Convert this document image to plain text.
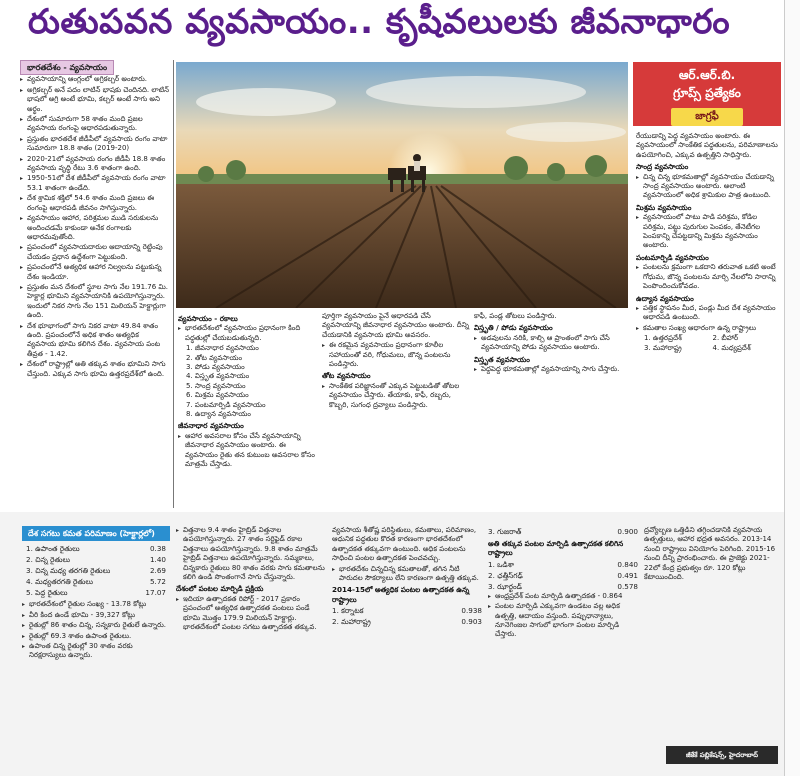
రుతుపవన వ్యవసాయం.. కృషీవలులకు జీవనాధారం
భారతదేశం - వ్యవసాయం

▸ వ్యవసాయాన్ని ఆంగ్లంలో అగ్రికల్చర్ అంటారు.

▸ అగ్రికల్చర్ అనే పదం లాటిన్ భాషకు చెందినది. లాటిన్ భాషలో అగ్రి అంటే భూమి, కల్చర్ అంటే సాగు అని అర్థం.

▸ దేశంలో సుమారుగా 58 శాతం మంది ప్రజల వ్యవసాయ రంగంపై ఆధారపడుతున్నారు.

▸ ప్రస్తుతం భారతదేశ జీడీపీలో వ్యవసాయ రంగం వాటా సుమారుగా 18.8 శాతం (2019-20)

▸ 2020-21లో వ్యవసాయ రంగం జీడీపీ 18.8 శాతం వ్యవసాయ వృద్ధి రేటు 3.6 శాతంగా ఉంది.

▸ 1950-51లో దేశ జీడీపీలో వ్యవసాయ రంగం వాటా 53.1 శాతంగా ఉండేది.

▸ దేశ శ్రామిక శక్తిలో 54.6 శాతం మంది ప్రజలు ఈ రంగంపై ఆధారపడి జీవనం సాగిస్తున్నారు.

▸ వ్యవసాయం ఆహార, పరిశ్రమల ముడి సరుకులను అందించడమే కాకుండా అనేక రంగాలకు ఆధారమవుతోంది.

▸ ప్రపంచంలో వ్యవసాయదారుల ఆదాయాన్ని రెట్టింపు చేయడం ప్రధాన ఉద్దేశంగా పెట్టుకుంది.

▸ ప్రపంచంలోనే అత్యధిక ఆహార నిల్వలను పట్టుకున్న దేశం ఇండియా.

▸ ప్రస్తుతం మన దేశంలో స్థూల సాగు నేల 191.76 మి. హెక్టార్ల భూమిని వ్యవసాయానికి ఉపయోగిస్తున్నారు. ఇందులో నికర సాగు నేల 151 మిలియన్ హెక్టార్లుగా ఉంది.

▸ దేశ భూభాగంలో సాగు నికర వాటా 49.84 శాతం ఉంది. ప్రపంచంలోనే అధిక శాతం అత్యధిక వ్యవసాయ భూమి కలిగిన దేశం. వ్యవసాయ పంట తీవ్రత - 1.42.

▸ దేశంలో రాష్ట్రాల్లో అతి తక్కువ శాతం భూమిని సాగు చేస్తుంది. ఎక్కువ సాగు భూమి ఉత్తరప్రదేశ్‌లో ఉంది.

ఆర్.ఆర్.బి.
గ్రూప్స్ ప్రత్యేకం
జాగ్రఫీ

రేయుడాన్ని పెద్ద వ్యవసాయం అంటారు. ఈ వ్యవసాయంలో సాంకేతిక పద్ధతులను, పరిమాణాలను ఉపయోగించి, ఎక్కువ ఉత్పత్తిని సాధిస్తారు.

సాంద్ర వ్యవసాయం

▸ చిన్న చిన్న భూకమతాల్లో వ్యవసాయం చేయడాన్ని సాంద్ర వ్యవసాయం అంటారు. అలాంటి వ్యవసాయంలో అధిక శ్రామికుల పాత్ర ఉంటుంది.

మిశ్రమ వ్యవసాయం

▸ వ్యవసాయంలో పాటు పాడి పరిశ్రమ, కోడిల పరిశ్రమ, పట్టు పురుగుల పెంపకం, తేనెటీగల పెంపకాన్ని చేపట్టడాన్ని మిశ్రమ వ్యవసాయం అంటారు.

పంటమార్పిడి వ్యవసాయం

▸ పంటలను క్రమంగా ఒకదాని తరువాత ఒకటి అంటే గోధుమ, జొన్న పంటలను మార్చి నేలలోని సారాన్ని పెంపొందించుకోవడం.

ఉద్యాన వ్యవసాయం

▸ పత్తిక స్థాపనం మీద, పండ్లు మీద దేశ వ్యవసాయం ఆధారపడి ఉంటుంది.

▸ కమతాల సంఖ్య ఆధారంగా ఉన్న రాష్ట్రాలు

1. ఉత్తరప్రదేశ్	2. బీహార్
3. మహారాష్ట్ర	4. మధ్యప్రదేశ్
వ్యవసాయం - రకాలు

▸ భారతదేశంలో వ్యవసాయం ప్రధానంగా కింది పద్ధతుల్లో చేయబడుతున్నది.

1. జీవనాధార వ్యవసాయం
2. తోట వ్యవసాయం
3. పోడు వ్యవసాయం
4. విస్తృత వ్యవసాయం
5. సాంద్ర వ్యవసాయం
6. మిశ్రమ వ్యవసాయం
7. పంటమార్పిడి వ్యవసాయం
8. ఉద్యాన వ్యవసాయం
జీవనాధార వ్యవసాయం

▸ ఆహార అవసరాల కోసం చేసే వ్యవసాయాన్ని జీవనాధార వ్యవసాయం అంటారు. ఈ వ్యవసాయం రైతు తన కుటుంబ అవసరాల కోసం మాత్రమే చేస్తాడు.

పూర్తిగా వ్యవసాయం పైనే ఆధారపడి చేసే వ్యవసాయాన్ని జీవనాధార వ్యవసాయం అంటారు. దీన్ని చేయడానికి వ్యవసాయ భూమి అవసరం.

▸ ఈ రకమైన వ్యవసాయం ప్రధానంగా కూలీల సహాయంతో వరి, గోధుమలు, జొన్న పంటలను పండిస్తారు.

తోట వ్యవసాయం

▸ సాంకేతిక పరిజ్ఞానంతో ఎక్కువ పెట్టుబడితో తోటల వ్యవసాయం చేస్తారు. తేయాకు, కాఫీ, రబ్బరు, కొబ్బరి, సుగంధ ద్రవ్యాలు పండిస్తారు.

కాఫీ, పండ్ల తోటలు పండిస్తారు.

విస్తృతి / పోడు వ్యవసాయం

▸ అడవులను నరికి, కాల్చి ఆ ప్రాంతంలో సాగు చేసే వ్యవసాయాన్ని పోడు వ్యవసాయం అంటారు.

విస్తృత వ్యవసాయం

▸ పెద్దపెద్ద భూకమతాల్లో వ్యవసాయాన్ని సాగు చేస్తారు.

దేశ సగటు కమత పరిమాణం (హెక్టార్లలో)
1. ఉపాంత రైతులు	0.38
2. చిన్న రైతులు	1.40
3. చిన్న మధ్య తరగతి రైతులు	2.69
4. మధ్యతరగతి రైతులు	5.72
5. పెద్ద రైతులు	17.07

▸ భారతదేశంలో రైతుల సంఖ్య - 13.78 కోట్లు

▸ వీరి కింద ఉండే భూమి - 39,327 కోట్లు

▸ రైతుల్లో 86 శాతం చిన్న, సన్నకారు రైతులే ఉన్నారు.

▸ రైతుల్లో 69.3 శాతం ఉపాంత రైతులు.

▸ ఉపాంత చిన్న రైతుల్లో 30 శాతం వరకు నిరక్షరాస్యులు ఉన్నారు.

▸ విత్తనాల 9.4 శాతం హైబ్రిడ్ విత్తనాల ఉపయోగిస్తున్నారు. 27 శాతం సర్టిఫైడ్ రకాల విత్తనాలు ఉపయోగిస్తున్నారు. 9.8 శాతం మాత్రమే హైబ్రిడ్ విత్తనాలు ఉపయోగిస్తున్నారు. సమ్మకాలు, చిన్నకారు రైతులు 80 శాతం వరకు సాగు కమతాలను కలిగి ఉండి సొంతంగానే సాగు చేస్తున్నారు.

దేశంలో పంటల మార్పిడి ప్రక్రియ

▸ ఇదియా ఉత్పాదకత రిపోర్ట్ - 2017 ప్రకారం ప్రపంచంలో అత్యధిక ఉత్పాదకత పంటలు పండే భూమి మొత్తం 179.9 మిలియన్ హెక్టార్లు. భారతదేశంలో పంటల సగటు ఉత్పాదకత తక్కువ.

వ్యవసాయ శీతోష్ణ పరిస్థితులు, కమతాలు, పరిమాణం, ఆధునిక పద్ధతుల కొరత కారణంగా భారతదేశంలో ఉత్పాదకత తక్కువగా ఉంటుంది. అధిక పంటలను సాధించి పంటల ఉత్పాదకత పెంచవచ్చు.

▸ భారతదేశం చిన్నచిన్న కమతాలతో, తగిన నీటి పారుదల సౌకర్యాలు లేని కారణంగా ఉత్పత్తి తక్కువ.

2014-15లో అత్యధిక పంటల ఉత్పాదకత ఉన్న రాష్ట్రాలు
1. కర్నాటక	0.938
2. మహారాష్ట్ర	0.903
3. గుజరాత్	0.900
అతి తక్కువ పంటల మార్పిడి ఉత్పాదకత కలిగిన రాష్ట్రాలు
1. ఒడిశా	0.840
2. ఛత్తీస్‌గఢ్	0.491
3. ఝార్ఖండ్	0.578

▸ ఆంధ్రప్రదేశ్ పంట మార్పిడి ఉత్పాదకత - 0.864

▸ పంటల మార్పిడి ఎక్కువగా ఉండటం వల్ల అధిక ఉత్పత్తి, ఆదాయం వస్తుంది. పప్పుధాన్యాలు, నూనెగింజల సాగులో భాగంగా పంటల మార్పిడి చేస్తారు.

ద్రవ్యోల్బణ ఒత్తిడిని తగ్గించడానికి వ్యవసాయ ఉత్పత్తులు, ఆహార భద్రత అవసరం. 2013-14 నుంచి రాష్ట్రాలు వినియోగం పెరిగింది. 2015-16 నుంచి దీన్ని ప్రారంభించారు. ఈ ప్రాజెక్టు 2021-22లో కేంద్ర ప్రభుత్వం రూ. 120 కోట్లు కేటాయించింది.

జీకేకే పబ్లికేషన్స్, హైదరాబాద్
